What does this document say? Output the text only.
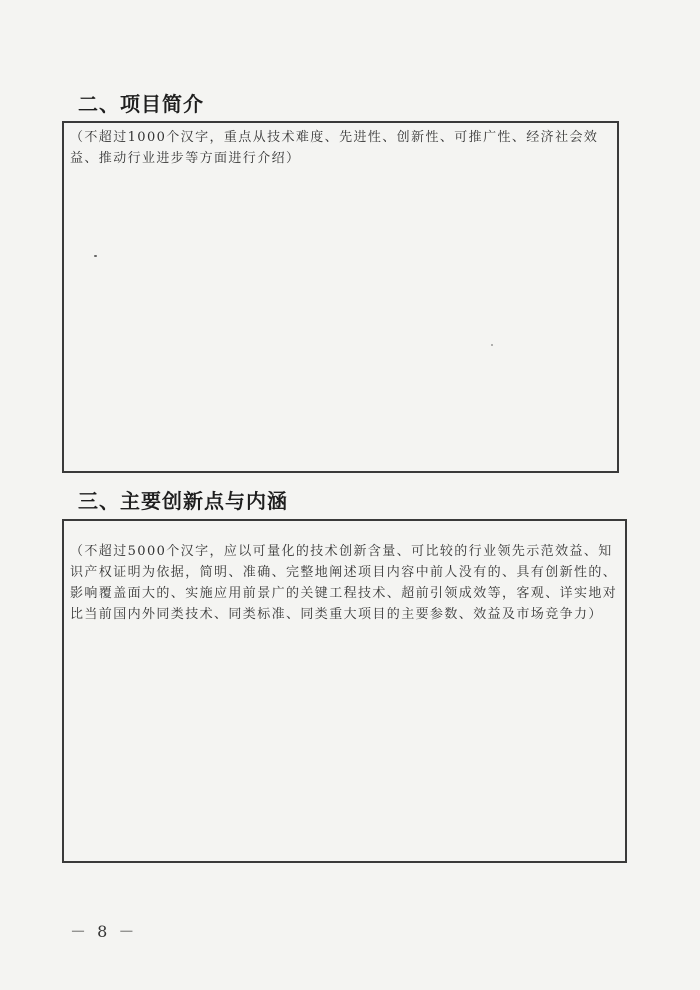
二、项目简介

（不超过1000个汉字，重点从技术难度、先进性、创新性、可推广性、经济社会效益、推动行业进步等方面进行介绍）

三、主要创新点与内涵

（不超过5000个汉字，应以可量化的技术创新含量、可比较的行业领先示范效益、知识产权证明为依据，简明、准确、完整地阐述项目内容中前人没有的、具有创新性的、影响覆盖面大的、实施应用前景广的关键工程技术、超前引领成效等，客观、详实地对比当前国内外同类技术、同类标准、同类重大项目的主要参数、效益及市场竞争力）

－ 8 －
